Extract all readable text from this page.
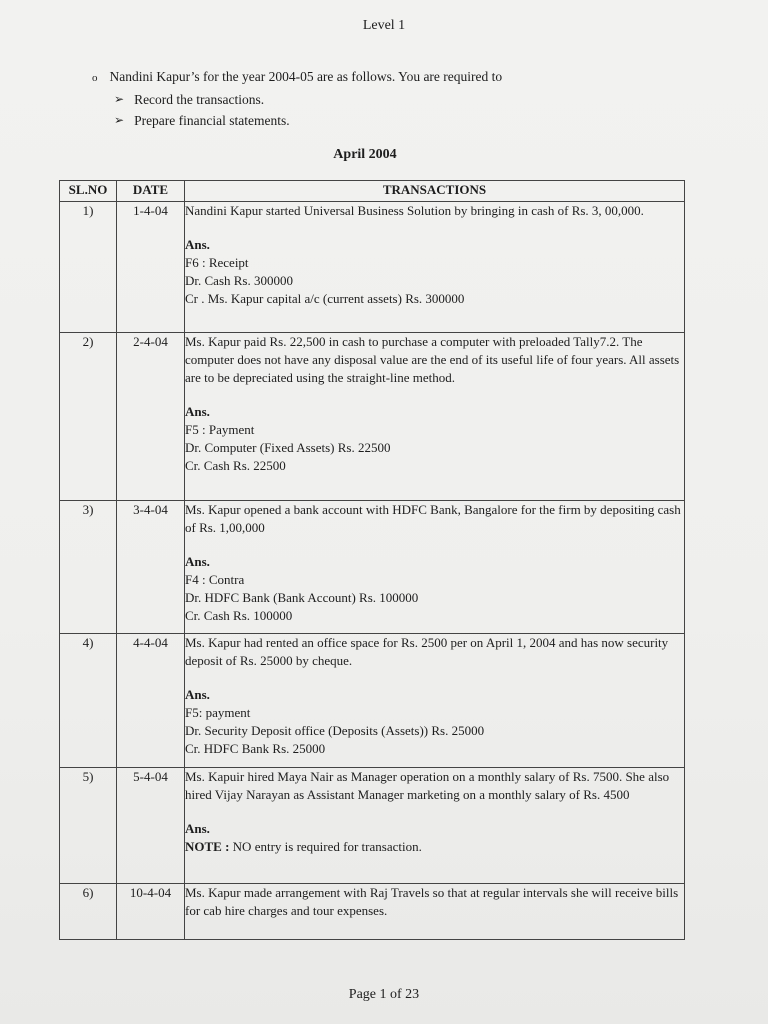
Level 1
o Nandini Kapur’s for the year 2004-05 are as follows. You are required to
➢ Record the transactions.
➢ Prepare financial statements.
April 2004
SL.NO	DATE	TRANSACTIONS
1)	1-4-04	Nandini Kapur started Universal Business Solution by bringing in cash of Rs. 3, 00,000.
Ans.
F6 : Receipt
Dr. Cash Rs. 300000
Cr . Ms. Kapur capital a/c (current assets) Rs. 300000

2)	2-4-04	Ms. Kapur paid Rs. 22,500 in cash to purchase a computer with preloaded Tally7.2. The computer does not have any disposal value are the end of its useful life of four years. All assets are to be depreciated using the straight-line method.
Ans.
F5 : Payment
Dr. Computer (Fixed Assets) Rs. 22500
Cr. Cash Rs. 22500

3)	3-4-04	Ms. Kapur opened a bank account with HDFC Bank, Bangalore for the firm by depositing cash of Rs. 1,00,000
Ans.
F4 : Contra
Dr. HDFC Bank (Bank Account) Rs. 100000
Cr. Cash Rs. 100000

4)	4-4-04	Ms. Kapur had rented an office space for Rs. 2500 per on April 1, 2004 and has now security deposit of Rs. 25000 by cheque.
Ans.
F5: payment
Dr. Security Deposit office (Deposits (Assets)) Rs. 25000
Cr. HDFC Bank Rs. 25000

5)	5-4-04	Ms. Kapuir hired Maya Nair as Manager operation on a monthly salary of Rs. 7500. She also hired Vijay Narayan as Assistant Manager marketing on a monthly salary of Rs. 4500
Ans.
NOTE : NO entry is required for transaction.

6)	10-4-04	Ms. Kapur made arrangement with Raj Travels so that at regular intervals she will receive bills for cab hire charges and tour expenses.
Page 1 of 23
